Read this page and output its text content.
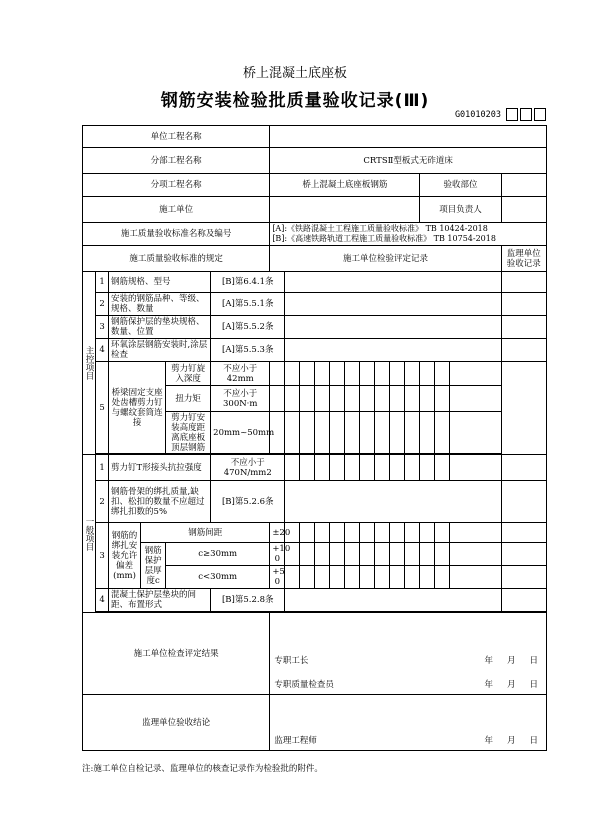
桥上混凝土底座板
钢筋安装检验批质量验收记录(Ⅲ)
G01010203
单位工程名称																			
分部工程名称						CRTSⅡ型板式无砟道床													
分项工程名称						桥上混凝土底座板钢筋										验收部位			
施工单位																项目负责人			
施工质量验收标准名称及编号						[A]:《铁路混凝土工程施工质量验收标准》 TB 10424-2018
[B]:《高速铁路轨道工程施工质量验收标准》 TB 10754-2018													

施工质量验收标准的规定						施工单位检验评定记录													监理单位验收记录
主控项目	1	钢筋规格、型号			[B]第6.4.1条														
	2	安装的钢筋品种、等级、规格、数量			[A]第5.5.1条														
	3	钢筋保护层的垫块规格、数量、位置			[A]第5.5.2条														
	4	环氧涂层钢筋安装时,涂层检查			[A]第5.5.3条														
	5	桥梁固定支座处齿槽剪力钉与螺纹套筒连接		剪力钉旋入深度	不应小于42mm														
				扭力矩	不应小于300N·m														
				剪力钉安装高度距离底座板顶层钢筋	20mm~50mm														

一般项目	1	剪力钉T形接头抗拉强度			不应小于470N/mm2														
	2	钢筋骨架的绑扎质量,缺扣、松扣的数量不应超过绑扎扣数的5%			[B]第5.2.6条														
	3	钢筋的绑扎安装允许偏差(mm)	钢筋间距			±20													
			钢筋保护层厚度c	c≥30mm		+10
0													
				c<30mm		+5
0													
	4	混凝土保护层垫块的间距、布置形式			[B]第5.2.8条														

施工单位检查评定结果						专职工长 年 月 日
专职质量检查员 年 月 日													

监理单位验收结论						监理工程师 年 月 日													
注:施工单位自检记录、监理单位的核查记录作为检验批的附件。
